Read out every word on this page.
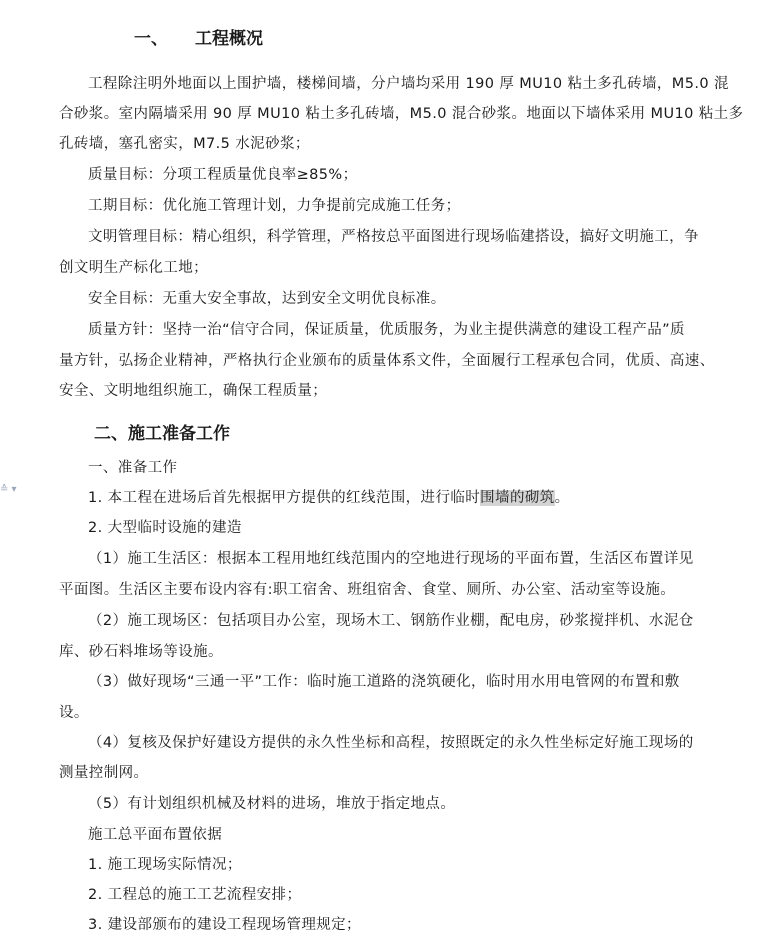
≙ ▾
一、 工程概况
工程除注明外地面以上围护墙，楼梯间墙，分户墙均采用 190 厚 MU10 粘土多孔砖墙，M5.0 混
合砂浆。室内隔墙采用 90 厚 MU10 粘土多孔砖墙，M5.0 混合砂浆。地面以下墙体采用 MU10 粘土多
孔砖墙，塞孔密实，M7.5 水泥砂浆；
质量目标：分项工程质量优良率≥85%；
工期目标：优化施工管理计划，力争提前完成施工任务；
文明管理目标：精心组织，科学管理，严格按总平面图进行现场临建搭设，搞好文明施工，争
创文明生产标化工地；
安全目标：无重大安全事故，达到安全文明优良标准。
质量方针：坚持一治“信守合同，保证质量，优质服务，为业主提供满意的建设工程产品”质
量方针，弘扬企业精神，严格执行企业颁布的质量体系文件，全面履行工程承包合同，优质、高速、
安全、文明地组织施工，确保工程质量；
二、施工准备工作
一、准备工作
1. 本工程在进场后首先根据甲方提供的红线范围，进行临时围墙的砌筑。
2. 大型临时设施的建造
（1）施工生活区：根据本工程用地红线范围内的空地进行现场的平面布置，生活区布置详见
平面图。生活区主要布设内容有:职工宿舍、班组宿舍、食堂、厕所、办公室、活动室等设施。
（2）施工现场区：包括项目办公室，现场木工、钢筋作业棚，配电房，砂浆搅拌机、水泥仓
库、砂石料堆场等设施。
（3）做好现场“三通一平”工作：临时施工道路的浇筑硬化，临时用水用电管网的布置和敷
设。
（4）复核及保护好建设方提供的永久性坐标和高程，按照既定的永久性坐标定好施工现场的
测量控制网。
（5）有计划组织机械及材料的进场，堆放于指定地点。
施工总平面布置依据
1. 施工现场实际情况；
2. 工程总的施工工艺流程安排；
3. 建设部颁布的建设工程现场管理规定；
